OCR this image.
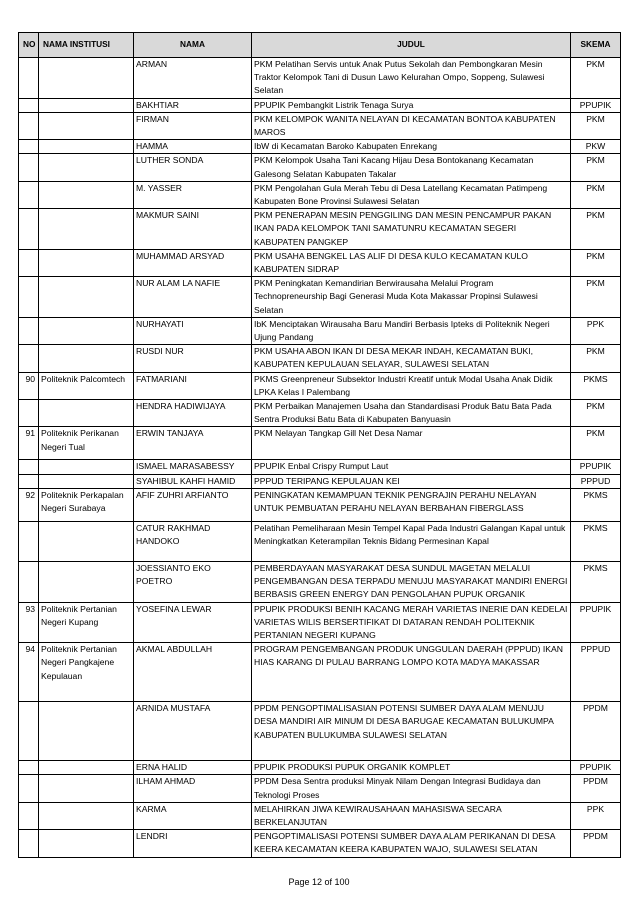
NO	NAMA INSTITUSI	NAMA	JUDUL	SKEMA
		ARMAN	PKM Pelatihan Servis untuk Anak Putus Sekolah dan Pembongkaran Mesin Traktor Kelompok Tani di Dusun Lawo Kelurahan Ompo, Soppeng, Sulawesi Selatan	PKM
		BAKHTIAR	PPUPIK Pembangkit Listrik Tenaga Surya	PPUPIK
		FIRMAN	PKM KELOMPOK WANITA NELAYAN DI KECAMATAN BONTOA KABUPATEN MAROS	PKM
		HAMMA	IbW di Kecamatan Baroko Kabupaten Enrekang	PKW
		LUTHER SONDA	PKM Kelompok Usaha Tani Kacang Hijau Desa Bontokanang Kecamatan Galesong Selatan Kabupaten Takalar	PKM
		M. YASSER	PKM Pengolahan Gula Merah Tebu di Desa Latellang Kecamatan Patimpeng Kabupaten Bone Provinsi Sulawesi Selatan	PKM
		MAKMUR SAINI	PKM PENERAPAN MESIN PENGGILING DAN MESIN PENCAMPUR PAKAN IKAN PADA KELOMPOK TANI SAMATUNRU KECAMATAN SEGERI KABUPATEN PANGKEP	PKM
		MUHAMMAD ARSYAD	PKM USAHA BENGKEL LAS ALIF DI DESA KULO KECAMATAN KULO KABUPATEN SIDRAP	PKM
		NUR ALAM LA NAFIE	PKM Peningkatan Kemandirian Berwirausaha Melalui Program Technopreneurship Bagi Generasi Muda Kota Makassar Propinsi Sulawesi Selatan	PKM
		NURHAYATI	IbK Menciptakan Wirausaha Baru Mandiri Berbasis Ipteks di Politeknik Negeri Ujung Pandang	PPK
		RUSDI NUR	PKM USAHA ABON IKAN DI DESA MEKAR INDAH, KECAMATAN BUKI, KABUPATEN KEPULAUAN SELAYAR, SULAWESI SELATAN	PKM
90	Politeknik Palcomtech	FATMARIANI	PKMS Greenpreneur Subsektor Industri Kreatif untuk Modal Usaha Anak Didik LPKA Kelas I Palembang	PKMS
		HENDRA HADIWIJAYA	PKM Perbaikan Manajemen Usaha dan Standardisasi Produk Batu Bata Pada Sentra Produksi Batu Bata di Kabupaten Banyuasin	PKM
91	Politeknik Perikanan Negeri Tual	ERWIN TANJAYA	PKM Nelayan Tangkap Gill Net Desa Namar	PKM
		ISMAEL MARASABESSY	PPUPIK Enbal Crispy Rumput Laut	PPUPIK
		SYAHIBUL KAHFI HAMID	PPPUD TERIPANG KEPULAUAN KEI	PPPUD
92	Politeknik Perkapalan Negeri Surabaya	AFIF ZUHRI ARFIANTO	PENINGKATAN KEMAMPUAN TEKNIK PENGRAJIN PERAHU NELAYAN UNTUK PEMBUATAN PERAHU NELAYAN BERBAHAN FIBERGLASS	PKMS
		CATUR RAKHMAD HANDOKO	Pelatihan Pemeliharaan Mesin Tempel Kapal Pada Industri Galangan Kapal untuk Meningkatkan Keterampilan Teknis Bidang Permesinan Kapal	PKMS
		JOESSIANTO EKO POETRO	PEMBERDAYAAN MASYARAKAT DESA SUNDUL MAGETAN MELALUI PENGEMBANGAN DESA TERPADU MENUJU MASYARAKAT MANDIRI ENERGI BERBASIS GREEN ENERGY DAN PENGOLAHAN PUPUK ORGANIK	PKMS
93	Politeknik Pertanian Negeri Kupang	YOSEFINA LEWAR	PPUPIK PRODUKSI BENIH KACANG MERAH VARIETAS INERIE DAN KEDELAI VARIETAS WILIS BERSERTIFIKAT DI DATARAN RENDAH POLITEKNIK PERTANIAN NEGERI KUPANG	PPUPIK
94	Politeknik Pertanian Negeri Pangkajene Kepulauan	AKMAL ABDULLAH	PROGRAM PENGEMBANGAN PRODUK UNGGULAN DAERAH (PPPUD) IKAN HIAS KARANG DI PULAU BARRANG LOMPO KOTA MADYA MAKASSAR	PPPUD
		ARNIDA MUSTAFA	PPDM PENGOPTIMALISASIAN POTENSI SUMBER DAYA ALAM MENUJU DESA MANDIRI AIR MINUM DI DESA BARUGAE KECAMATAN BULUKUMPA KABUPATEN BULUKUMBA SULAWESI SELATAN	PPDM
		ERNA HALID	PPUPIK PRODUKSI PUPUK ORGANIK KOMPLET	PPUPIK
		ILHAM AHMAD	PPDM Desa Sentra produksi Minyak Nilam Dengan Integrasi Budidaya dan Teknologi Proses	PPDM
		KARMA	MELAHIRKAN JIWA KEWIRAUSAHAAN MAHASISWA SECARA BERKELANJUTAN	PPK
		LENDRI	PENGOPTIMALISASI POTENSI SUMBER DAYA ALAM PERIKANAN DI DESA KEERA KECAMATAN KEERA KABUPATEN WAJO, SULAWESI SELATAN	PPDM
Page 12 of 100
